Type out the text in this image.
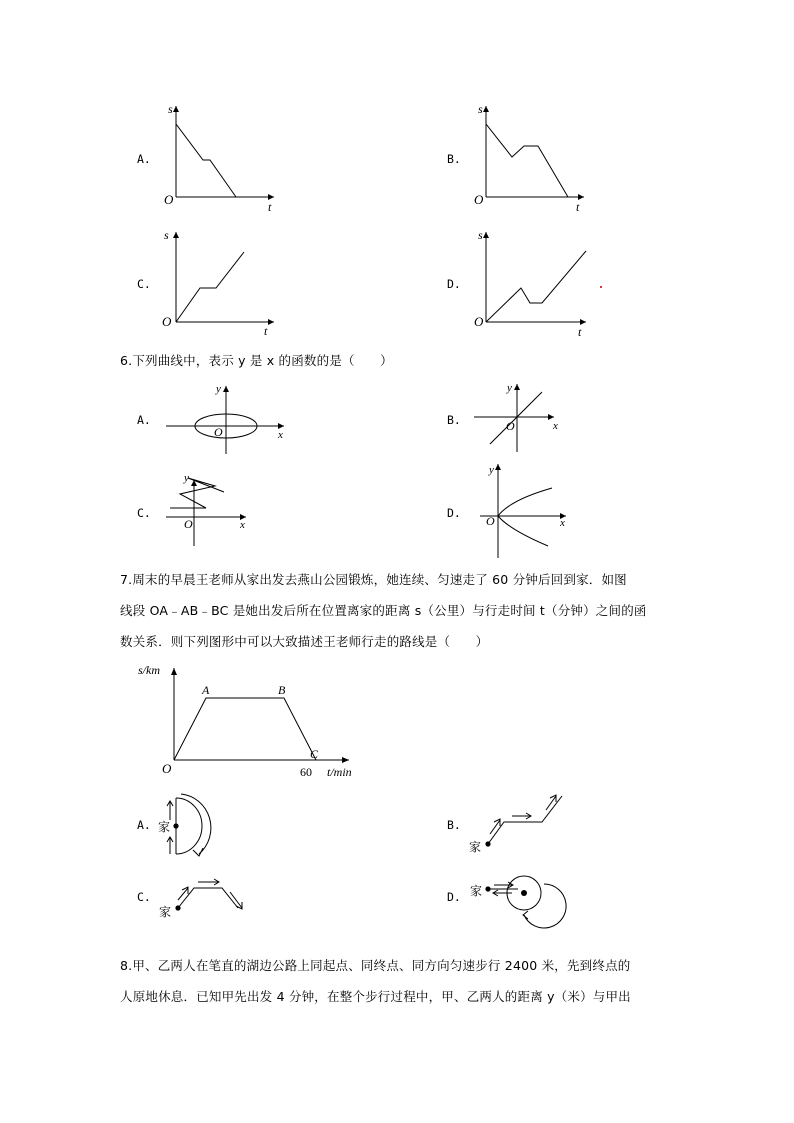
A.
s
O	t
B.
s
O	t
C.
s
O
t
D.
s
O
t
6.下列曲线中，表示 y 是 x 的函数的是（　　）
A.
y
O	x
B.
y
O	x
C.
y
O	x
D.
y
O	x
7.周末的早晨王老师从家出发去燕山公园锻炼，她连续、匀速走了 60 分钟后回到家．如图
线段 OA﹣AB﹣BC 是她出发后所在位置离家的距离 s（公里）与行走时间 t（分钟）之间的函
数关系．则下列图形中可以大致描述王老师行走的路线是（　　）
s/km
A	B
C
O	60 t/min
A. 家	B.
家
C.
家
D. 家
8.甲、乙两人在笔直的湖边公路上同起点、同终点、同方向匀速步行 2400 米，先到终点的
人原地休息．已知甲先出发 4 分钟，在整个步行过程中，甲、乙两人的距离 y（米）与甲出
